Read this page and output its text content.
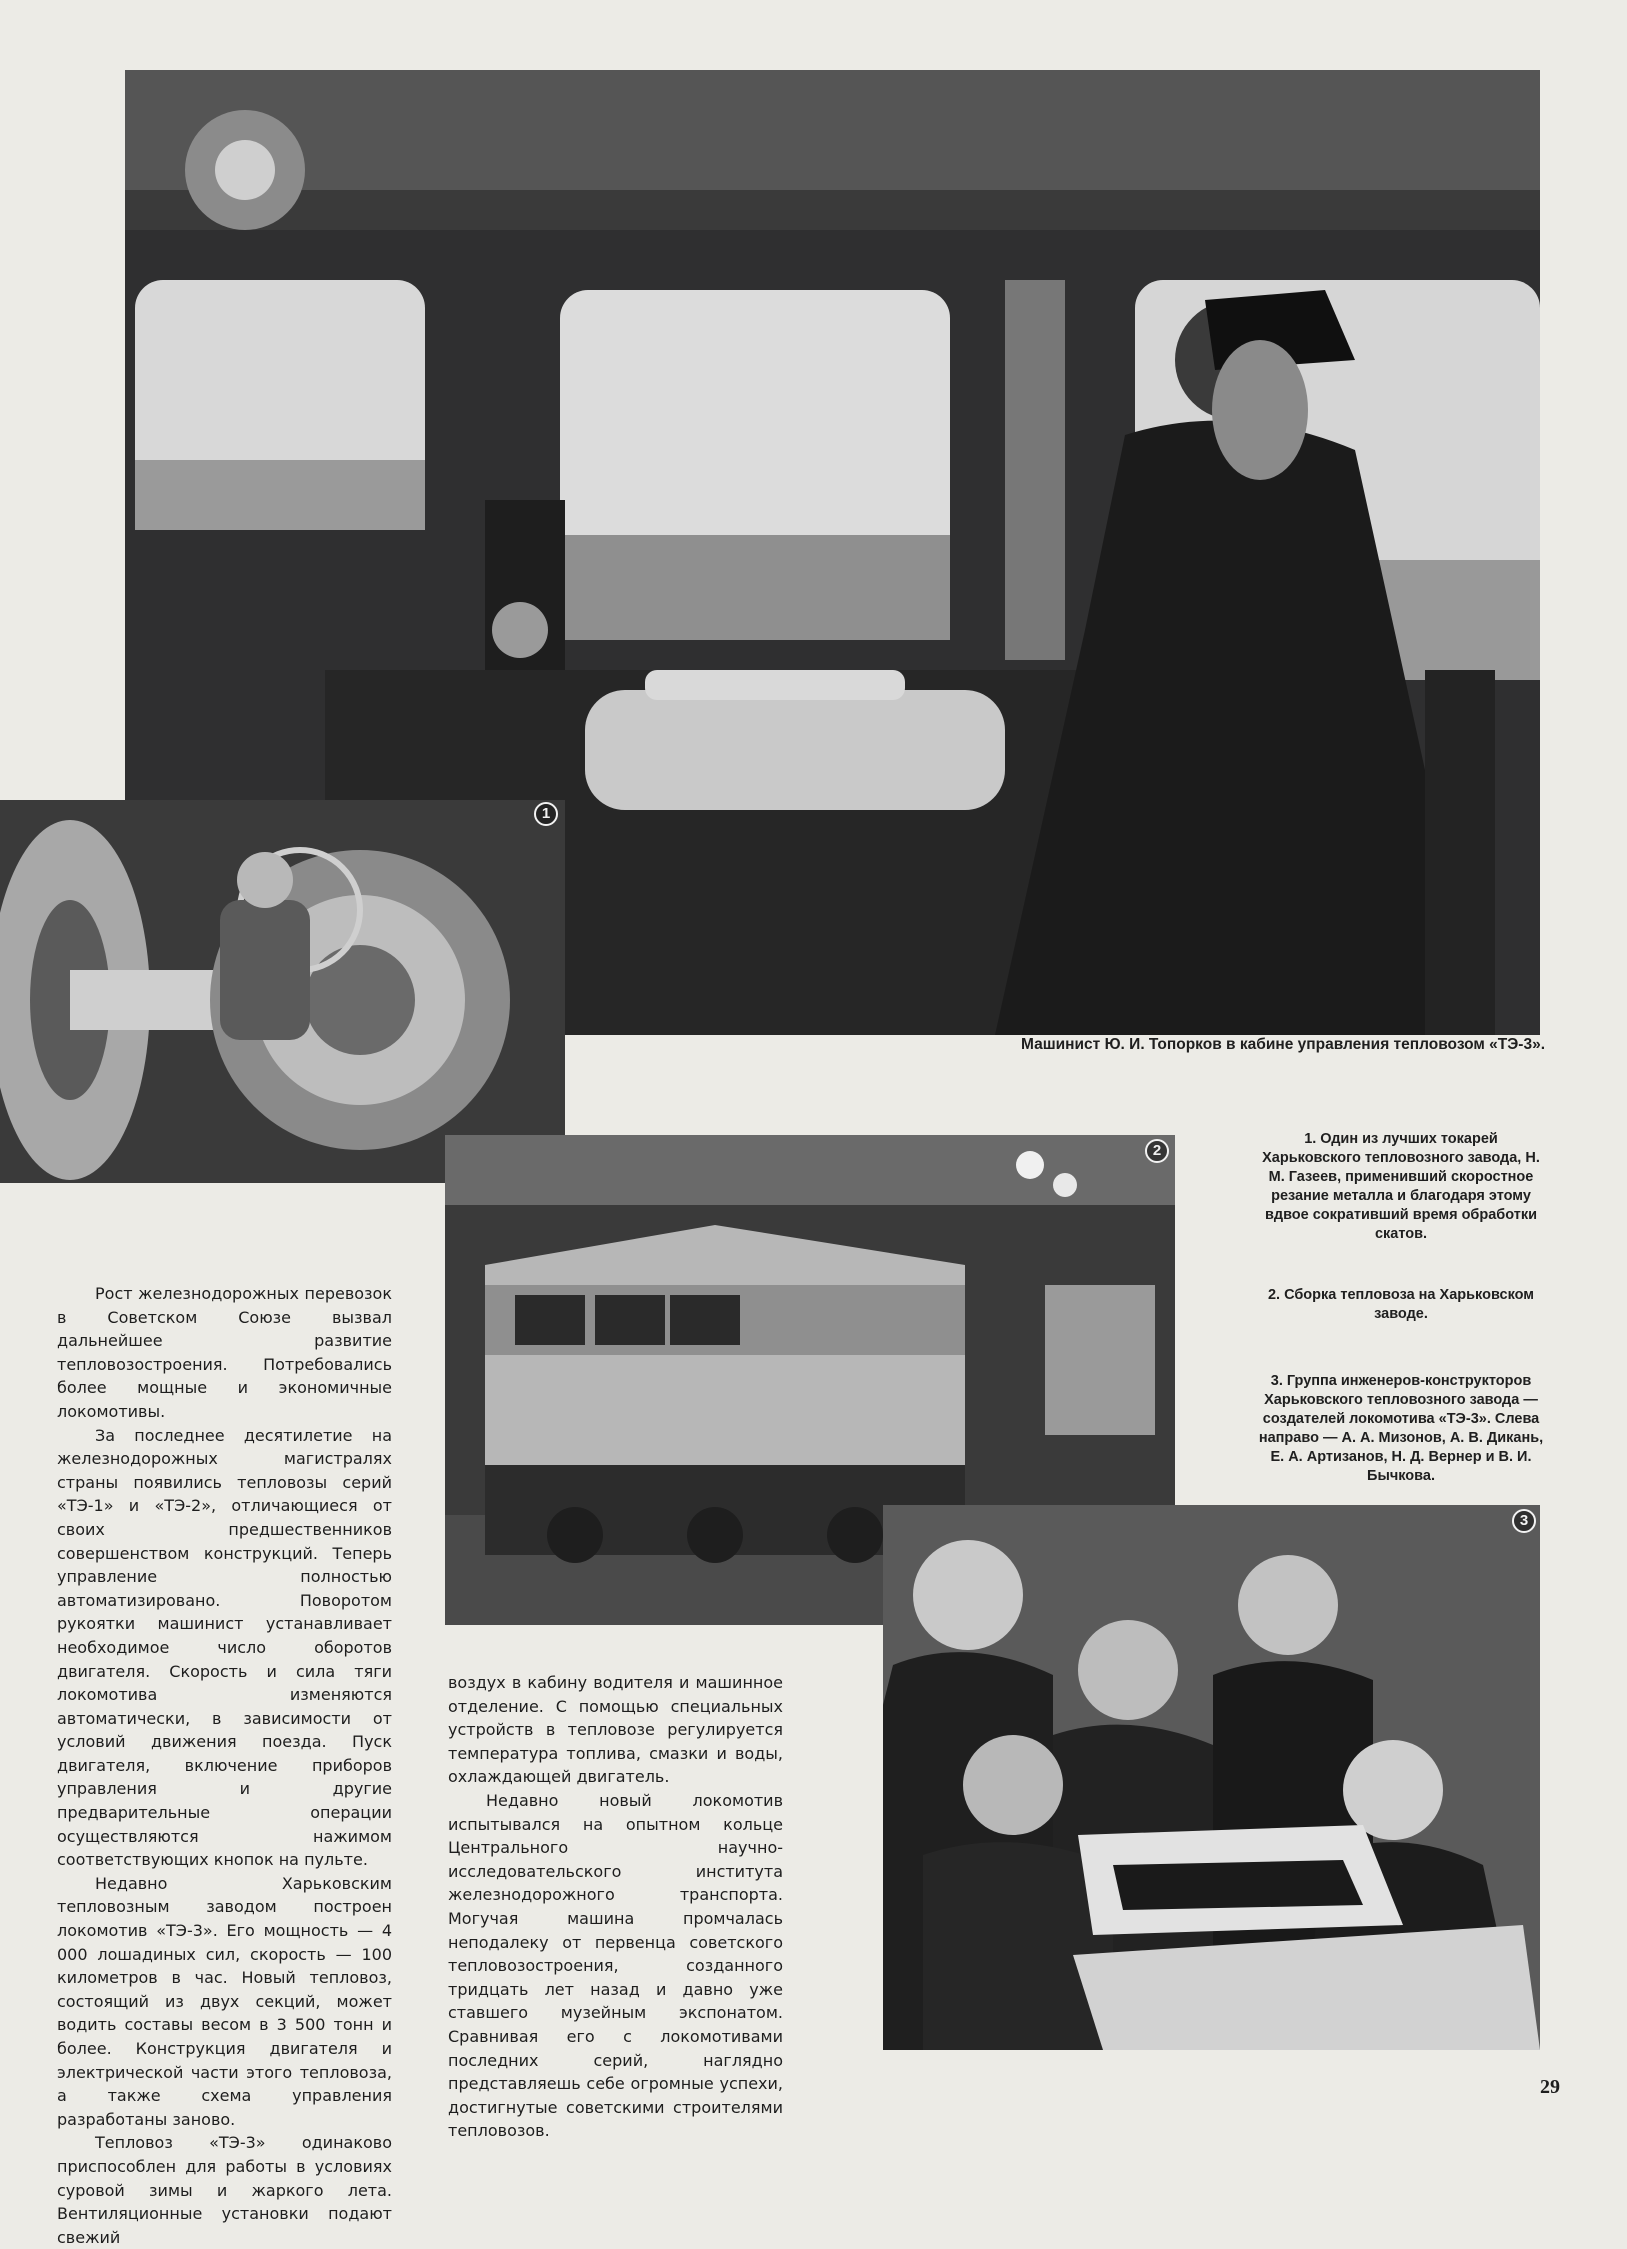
1
2
3
Машинист Ю. И. Топорков в кабине управления тепловозом «ТЭ-3».
1. Один из лучших токарей Харьковского тепловозного завода, Н. М. Газеев, применивший скоростное резание металла и благодаря этому вдвое сокративший время обработки скатов.
2. Сборка тепловоза на Харьковском заводе.
3. Группа инженеров-конструкторов Харьковского тепловозного завода — создателей локомотива «ТЭ-3». Слева направо — А. А. Мизонов, А. В. Дикань, Е. А. Артизанов, Н. Д. Вернер и В. И. Бычкова.

Рост железнодорожных перевозок в Советском Союзе вызвал дальнейшее развитие тепловозостроения. Потребовались более мощные и экономичные локомотивы.

За последнее десятилетие на железнодорожных магистралях страны появились тепловозы серий «ТЭ-1» и «ТЭ-2», отличающиеся от своих предшественников совершенством конструкций. Теперь управление полностью автоматизировано. Поворотом рукоятки машинист устанавливает необходимое число оборотов двигателя. Скорость и сила тяги локомотива изменяются автоматически, в зависимости от условий движения поезда. Пуск двигателя, включение приборов управления и другие предварительные операции осуществляются нажимом соответствующих кнопок на пульте.

Недавно Харьковским тепловозным заводом построен локомотив «ТЭ-3». Его мощность — 4 000 лошадиных сил, скорость — 100 километров в час. Новый тепловоз, состоящий из двух секций, может водить составы весом в 3 500 тонн и более. Конструкция двигателя и электрической части этого тепловоза, а также схема управления разработаны заново.

Тепловоз «ТЭ-3» одинаково приспособлен для работы в условиях суровой зимы и жаркого лета. Вентиляционные установки подают свежий

воздух в кабину водителя и машинное отделение. С помощью специальных устройств в тепловозе регулируется температура топлива, смазки и воды, охлаждающей двигатель.

Недавно новый локомотив испытывался на опытном кольце Центрального научно-исследовательского института железнодорожного транспорта. Могучая машина промчалась неподалеку от первенца советского тепловозостроения, созданного тридцать лет назад и давно уже ставшего музейным экспонатом. Сравнивая его с локомотивами последних серий, наглядно представляешь себе огромные успехи, достигнутые советскими строителями тепловозов.

29
